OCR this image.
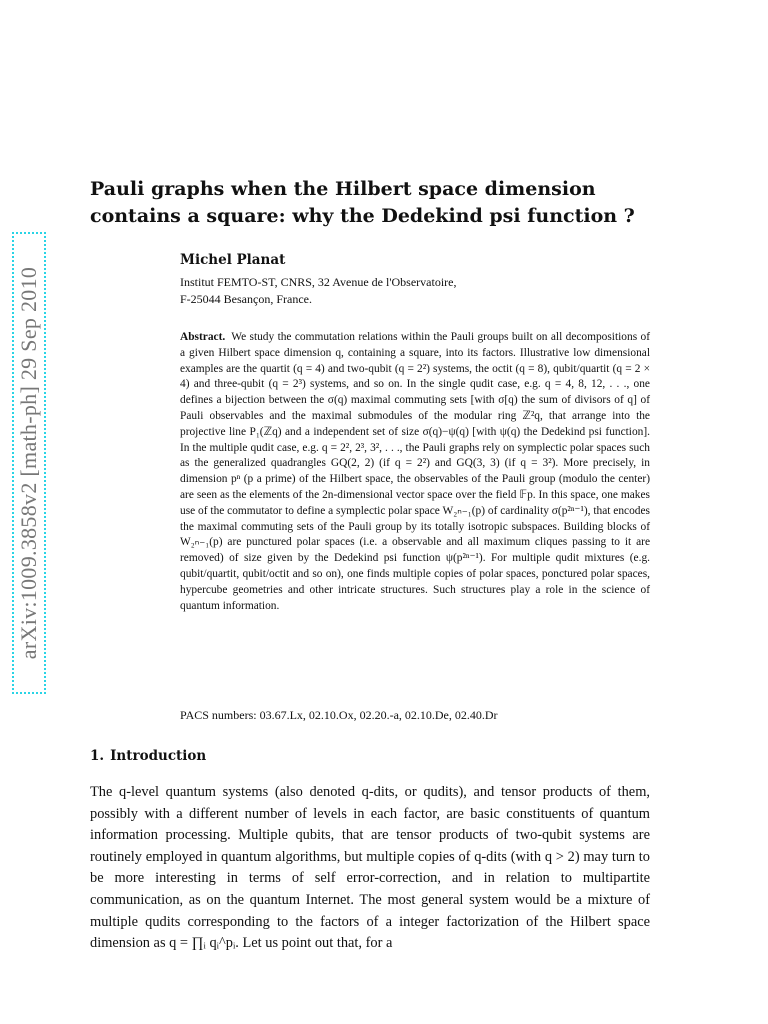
arXiv:1009.3858v2 [math-ph] 29 Sep 2010
Pauli graphs when the Hilbert space dimension contains a square: why the Dedekind psi function ?
Michel Planat
Institut FEMTO-ST, CNRS, 32 Avenue de l'Observatoire,
F-25044 Besançon, France.
Abstract. We study the commutation relations within the Pauli groups built on all decompositions of a given Hilbert space dimension q, containing a square, into its factors. Illustrative low dimensional examples are the quartit (q = 4) and two-qubit (q = 2²) systems, the octit (q = 8), qubit/quartit (q = 2 × 4) and three-qubit (q = 2³) systems, and so on. In the single qudit case, e.g. q = 4, 8, 12, . . ., one defines a bijection between the σ(q) maximal commuting sets [with σ[q) the sum of divisors of q] of Pauli observables and the maximal submodules of the modular ring ℤ²q, that arrange into the projective line P₁(ℤq) and a independent set of size σ(q)−ψ(q) [with ψ(q) the Dedekind psi function]. In the multiple qudit case, e.g. q = 2², 2³, 3², . . ., the Pauli graphs rely on symplectic polar spaces such as the generalized quadrangles GQ(2, 2) (if q = 2²) and GQ(3, 3) (if q = 3²). More precisely, in dimension pⁿ (p a prime) of the Hilbert space, the observables of the Pauli group (modulo the center) are seen as the elements of the 2n-dimensional vector space over the field 𝔽p. In this space, one makes use of the commutator to define a symplectic polar space W₂ₙ₋₁(p) of cardinality σ(p²ⁿ⁻¹), that encodes the maximal commuting sets of the Pauli group by its totally isotropic subspaces. Building blocks of W₂ₙ₋₁(p) are punctured polar spaces (i.e. a observable and all maximum cliques passing to it are removed) of size given by the Dedekind psi function ψ(p²ⁿ⁻¹). For multiple qudit mixtures (e.g. qubit/quartit, qubit/octit and so on), one finds multiple copies of polar spaces, ponctured polar spaces, hypercube geometries and other intricate structures. Such structures play a role in the science of quantum information.
PACS numbers: 03.67.Lx, 02.10.Ox, 02.20.-a, 02.10.De, 02.40.Dr
1. Introduction
The q-level quantum systems (also denoted q-dits, or qudits), and tensor products of them, possibly with a different number of levels in each factor, are basic constituents of quantum information processing. Multiple qubits, that are tensor products of two-qubit systems are routinely employed in quantum algorithms, but multiple copies of q-dits (with q > 2) may turn to be more interesting in terms of self error-correction, and in relation to multipartite communication, as on the quantum Internet. The most general system would be a mixture of multiple qudits corresponding to the factors of a integer factorization of the Hilbert space dimension as q = ∏ᵢ qᵢ^pᵢ. Let us point out that, for a
